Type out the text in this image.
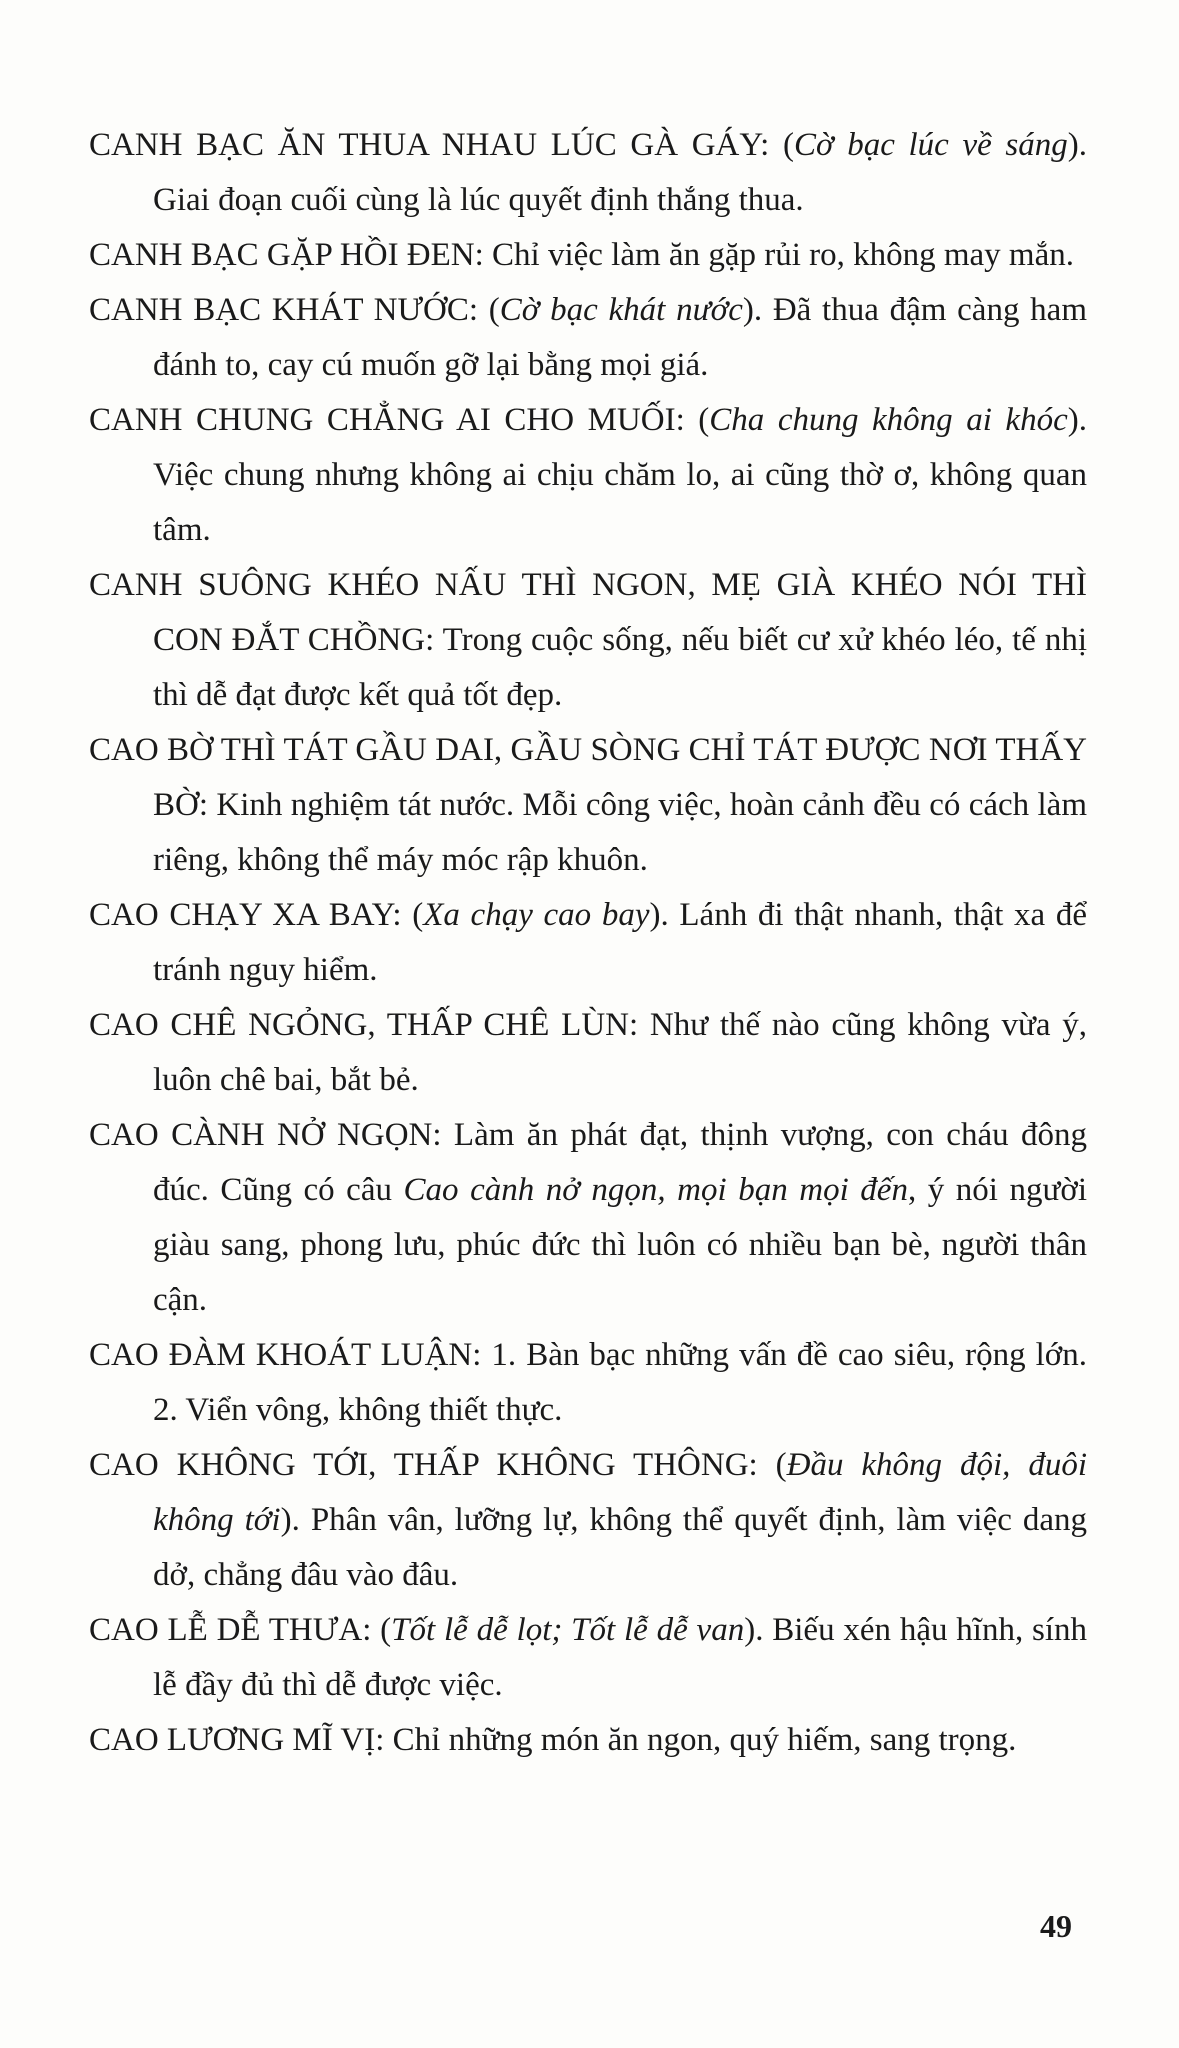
CANH BẠC ĂN THUA NHAU LÚC GÀ GÁY: (Cờ bạc lúc về sáng). Giai đoạn cuối cùng là lúc quyết định thắng thua.

CANH BẠC GẶP HỒI ĐEN: Chỉ việc làm ăn gặp rủi ro, không may mắn.

CANH BẠC KHÁT NƯỚC: (Cờ bạc khát nước). Đã thua đậm càng ham đánh to, cay cú muốn gỡ lại bằng mọi giá.

CANH CHUNG CHẲNG AI CHO MUỐI: (Cha chung không ai khóc). Việc chung nhưng không ai chịu chăm lo, ai cũng thờ ơ, không quan tâm.

CANH SUÔNG KHÉO NẤU THÌ NGON, MẸ GIÀ KHÉO NÓI THÌ CON ĐẮT CHỒNG: Trong cuộc sống, nếu biết cư xử khéo léo, tế nhị thì dễ đạt được kết quả tốt đẹp.

CAO BỜ THÌ TÁT GẦU DAI, GẦU SÒNG CHỈ TÁT ĐƯỢC NƠI THẤY BỜ: Kinh nghiệm tát nước. Mỗi công việc, hoàn cảnh đều có cách làm riêng, không thể máy móc rập khuôn.

CAO CHẠY XA BAY: (Xa chạy cao bay). Lánh đi thật nhanh, thật xa để tránh nguy hiểm.

CAO CHÊ NGỎNG, THẤP CHÊ LÙN: Như thế nào cũng không vừa ý, luôn chê bai, bắt bẻ.

CAO CÀNH NỞ NGỌN: Làm ăn phát đạt, thịnh vượng, con cháu đông đúc. Cũng có câu Cao cành nở ngọn, mọi bạn mọi đến, ý nói người giàu sang, phong lưu, phúc đức thì luôn có nhiều bạn bè, người thân cận.

CAO ĐÀM KHOÁT LUẬN: 1. Bàn bạc những vấn đề cao siêu, rộng lớn. 2. Viển vông, không thiết thực.

CAO KHÔNG TỚI, THẤP KHÔNG THÔNG: (Đầu không đội, đuôi không tới). Phân vân, lưỡng lự, không thể quyết định, làm việc dang dở, chẳng đâu vào đâu.

CAO LỄ DỄ THƯA: (Tốt lễ dễ lọt; Tốt lễ dễ van). Biếu xén hậu hĩnh, sính lễ đầy đủ thì dễ được việc.

CAO LƯƠNG MĨ VỊ: Chỉ những món ăn ngon, quý hiếm, sang trọng.

49
